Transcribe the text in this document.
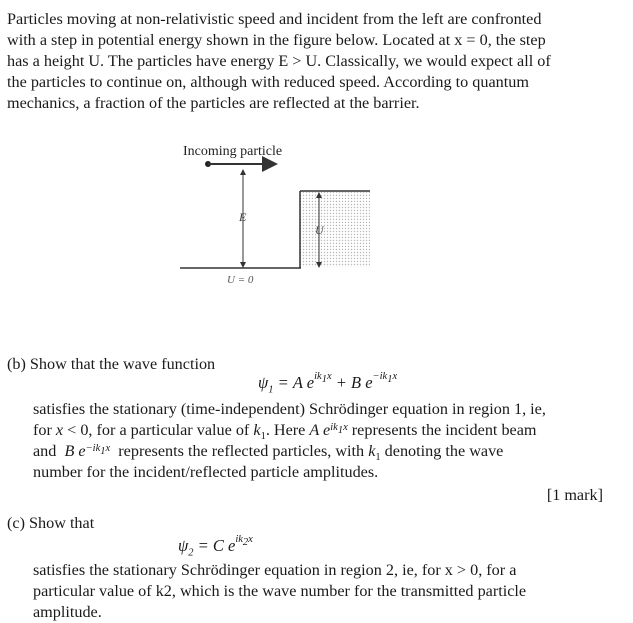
Particles moving at non-relativistic speed and incident from the left are confronted
with a step in potential energy shown in the figure below. Located at x = 0, the step
has a height U. The particles have energy E > U. Classically, we would expect all of
the particles to continue on, although with reduced speed. According to quantum
mechanics, a fraction of the particles are reflected at the barrier.
Incoming particle
E
U
U = 0
(b) Show that the wave function
$\psi_1 = A$ $e^{ik_1x} + B$ $e^{-ik_1x}$
satisfies the stationary (time-independent) Schrödinger equation in region 1, ie,
for x < 0, for a particular value of $k_1$. Here A $e^{ik_1x}$ represents the incident beam
and  B $e^{-ik_1x}$  represents the reflected particles, with $k_1$ denoting the wave
number for the incident/reflected particle amplitudes.
[1 mark]
(c) Show that
$\psi_2 = C$ $e^{ik_2x}$
satisfies the stationary Schrödinger equation in region 2, ie, for x > 0, for a
particular value of k2, which is the wave number for the transmitted particle
amplitude.
